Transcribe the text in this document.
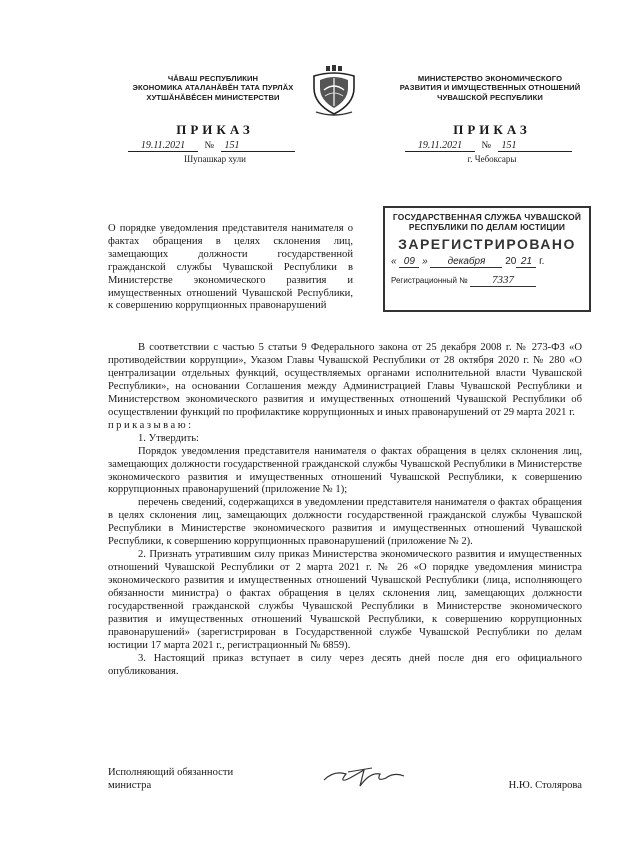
ЧĂВАШ РЕСПУБЛИКИН
ЭКОНОМИКА АТАЛАНĂВĔН ТАТА ПУРЛĂХ
ХУТШĂНĂВĔСЕН МИНИСТЕРСТВИ
МИНИСТЕРСТВО ЭКОНОМИЧЕСКОГО
РАЗВИТИЯ И ИМУЩЕСТВЕННЫХ ОТНОШЕНИЙ
ЧУВАШСКОЙ РЕСПУБЛИКИ
ПРИКАЗ	ПРИКАЗ
19.11.2021 № 151
Шупашкар хули
19.11.2021 № 151
г. Чебоксары
О порядке уведомления представителя нанимателя о фактах обращения в целях склонения лиц, замещающих должности государственной гражданской службы Чувашской Республики в Министерстве экономического развития и имущественных отношений Чувашской Республики, к совершению коррупционных правонарушений
ГОСУДАРСТВЕННАЯ СЛУЖБА ЧУВАШСКОЙ
РЕСПУБЛИКИ ПО ДЕЛАМ ЮСТИЦИИ
ЗАРЕГИСТРИРОВАНО
« 09 » декабря 20 21 г.
Регистрационный № 7337

В соответствии с частью 5 статьи 9 Федерального закона от 25 декабря 2008 г. № 273-ФЗ «О противодействии коррупции», Указом Главы Чувашской Республики от 28 октября 2020 г. № 280 «О централизации отдельных функций, осуществляемых органами исполнительной власти Чувашской Республики», на основании Соглашения между Администрацией Главы Чувашской Республики и Министерством экономического развития и имущественных отношений Чувашской Республики об осуществлении функций по профилактике коррупционных и иных правонарушений от 29 марта 2021 г.

приказываю:

1. Утвердить:

Порядок уведомления представителя нанимателя о фактах обращения в целях склонения лиц, замещающих должности государственной гражданской службы Чувашской Республики в Министерстве экономического развития и имущественных отношений Чувашской Республики, к совершению коррупционных правонарушений (приложение № 1);

перечень сведений, содержащихся в уведомлении представителя нанимателя о фактах обращения в целях склонения лиц, замещающих должности государственной гражданской службы Чувашской Республики в Министерстве экономического развития и имущественных отношений Чувашской Республики, к совершению коррупционных правонарушений (приложение № 2).

2. Признать утратившим силу приказ Министерства экономического развития и имущественных отношений Чувашской Республики от 2 марта 2021 г. № 26 «О порядке уведомления министра экономического развития и имущественных отношений Чувашской Республики (лица, исполняющего обязанности министра) о фактах обращения в целях склонения лиц, замещающих должности государственной гражданской службы Чувашской Республики в Министерстве экономического развития и имущественных отношений Чувашской Республики, к совершению коррупционных правонарушений» (зарегистрирован в Государственной службе Чувашской Республики по делам юстиции 17 марта 2021 г., регистрационный № 6859).

3. Настоящий приказ вступает в силу через десять дней после дня его официального опубликования.

Исполняющий обязанности
министра	Н.Ю. Столярова
